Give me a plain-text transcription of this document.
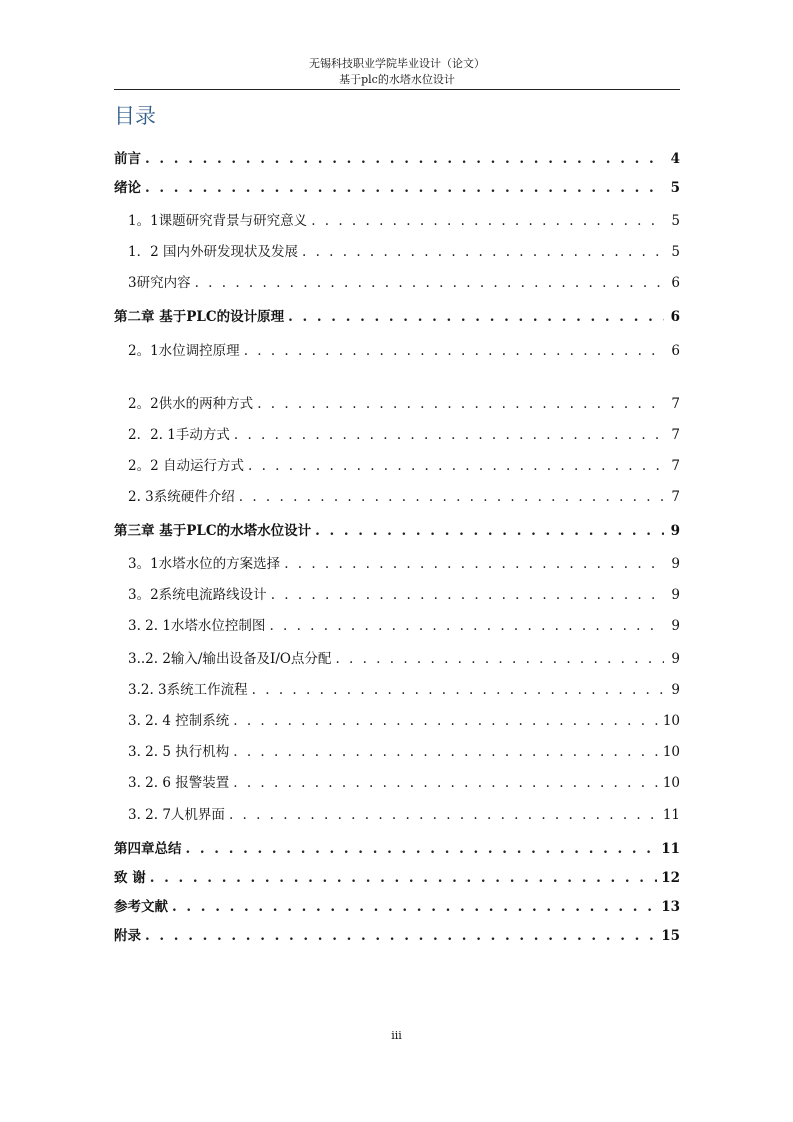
无锡科技职业学院毕业设计（论文）
基于plc的水塔水位设计
目录
前言 . . .	4
绪论 . . .	5
1。1课题研究背景与研究意义 . . .	5
1．2 国内外研发现状及发展 . . .	5
3研究内容 . . .	6
第二章 基于PLC的设计原理 . . .	6
2。1水位调控原理 . . .	6
2。2供水的两种方式 . . .	7
2．2. 1手动方式 . . .	7
2。2 自动运行方式 . . .	7
2. 3系统硬件介绍 . . .	7
第三章 基于PLC的水塔水位设计 . . .	9
3。1水塔水位的方案选择 . . .	9
3。2系统电流路线设计 . . .	9
3. 2. 1水塔水位控制图 . . .	9
3..2. 2输入/输出设备及I/O点分配 . . .	9
3.2. 3系统工作流程 . . .	9
3. 2. 4 控制系统 . . .	10
3. 2. 5 执行机构 . . .	10
3. 2. 6 报警装置 . . .	10
3. 2. 7人机界面 . . .	11
第四章总结 . . .	11
致 谢 . . .	12
参考文献 . . .	13
附录 . . .	15
iii
